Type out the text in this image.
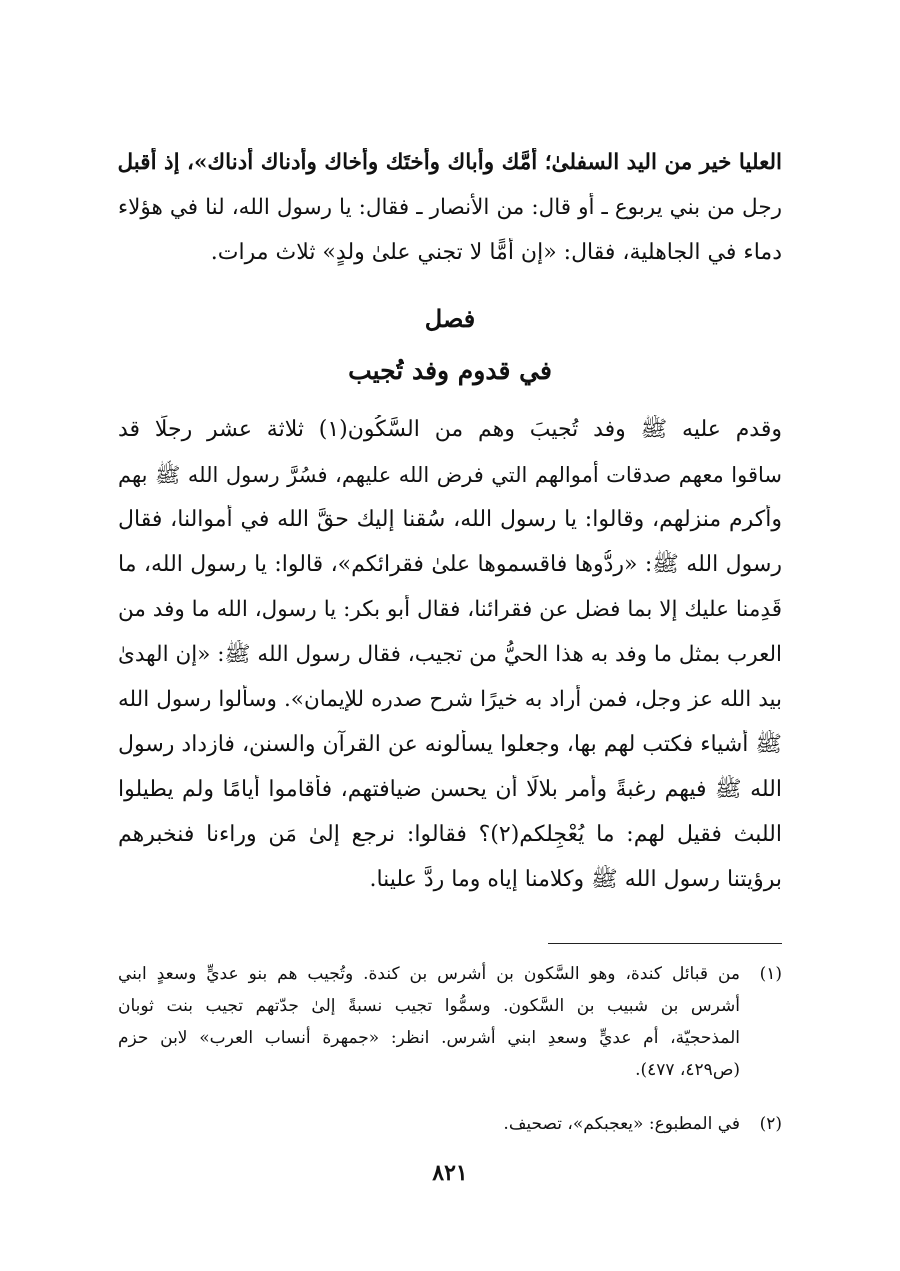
العليا خير من اليد السفلىٰ؛ أمَّك وأباك وأختَك وأخاك وأدناك أدناك»، إذ أقبل
رجل من بني يربوع ـ أو قال: من الأنصار ـ فقال: يا رسول الله، لنا في هؤلاء
دماء في الجاهلية، فقال: «إن أُمًّا لا تجني علىٰ ولدٍ» ثلاث مرات.
فصل
في قدوم وفد تُجيب
وقدم عليه ﷺ وفد تُجيبَ وهم من السَّكُون(١) ثلاثة عشر رجلًا قد
ساقوا معهم صدقات أموالهم التي فرض الله عليهم، فسُرَّ رسول الله ﷺ بهم
وأكرم منزلهم، وقالوا: يا رسول الله، سُقنا إليك حقَّ الله في أموالنا، فقال
رسول الله ﷺ: «ردُّوها فاقسموها علىٰ فقرائكم»، قالوا: يا رسول الله، ما
قَدِمنا عليك إلا بما فضل عن فقرائنا، فقال أبو بكر: يا رسول، الله ما وفد من
العرب بمثل ما وفد به هذا الحيُّ من تجيب، فقال رسول الله ﷺ: «إن الهدىٰ
بيد الله عز وجل، فمن أراد به خيرًا شرح صدره للإيمان». وسألوا رسول الله
ﷺ أشياء فكتب لهم بها، وجعلوا يسألونه عن القرآن والسنن، فازداد رسول
الله ﷺ فيهم رغبةً وأمر بلالًا أن يحسن ضيافتهم، فأقاموا أيامًا ولم يطيلوا
اللبث فقيل لهم: ما يُعْجِلكم(٢)؟ فقالوا: نرجع إلىٰ مَن وراءنا فنخبرهم
برؤيتنا رسول الله ﷺ وكلامنا إياه وما ردَّ علينا.
(١)
من قبائل كندة، وهو السَّكون بن أشرس بن كندة. وتُجيب هم بنو عديٍّ وسعدٍ ابني
أشرس بن شبيب بن السَّكون. وسمُّوا تجيب نسبةً إلىٰ جدّتهم تجيب بنت ثوبان
المذحجيّة، أم عديٍّ وسعدِ ابني أشرس. انظر: «جمهرة أنساب العرب» لابن حزم
(ص٤٢٩، ٤٧٧).
(٢)
في المطبوع: «يعجبكم»، تصحيف.
٨٢١
